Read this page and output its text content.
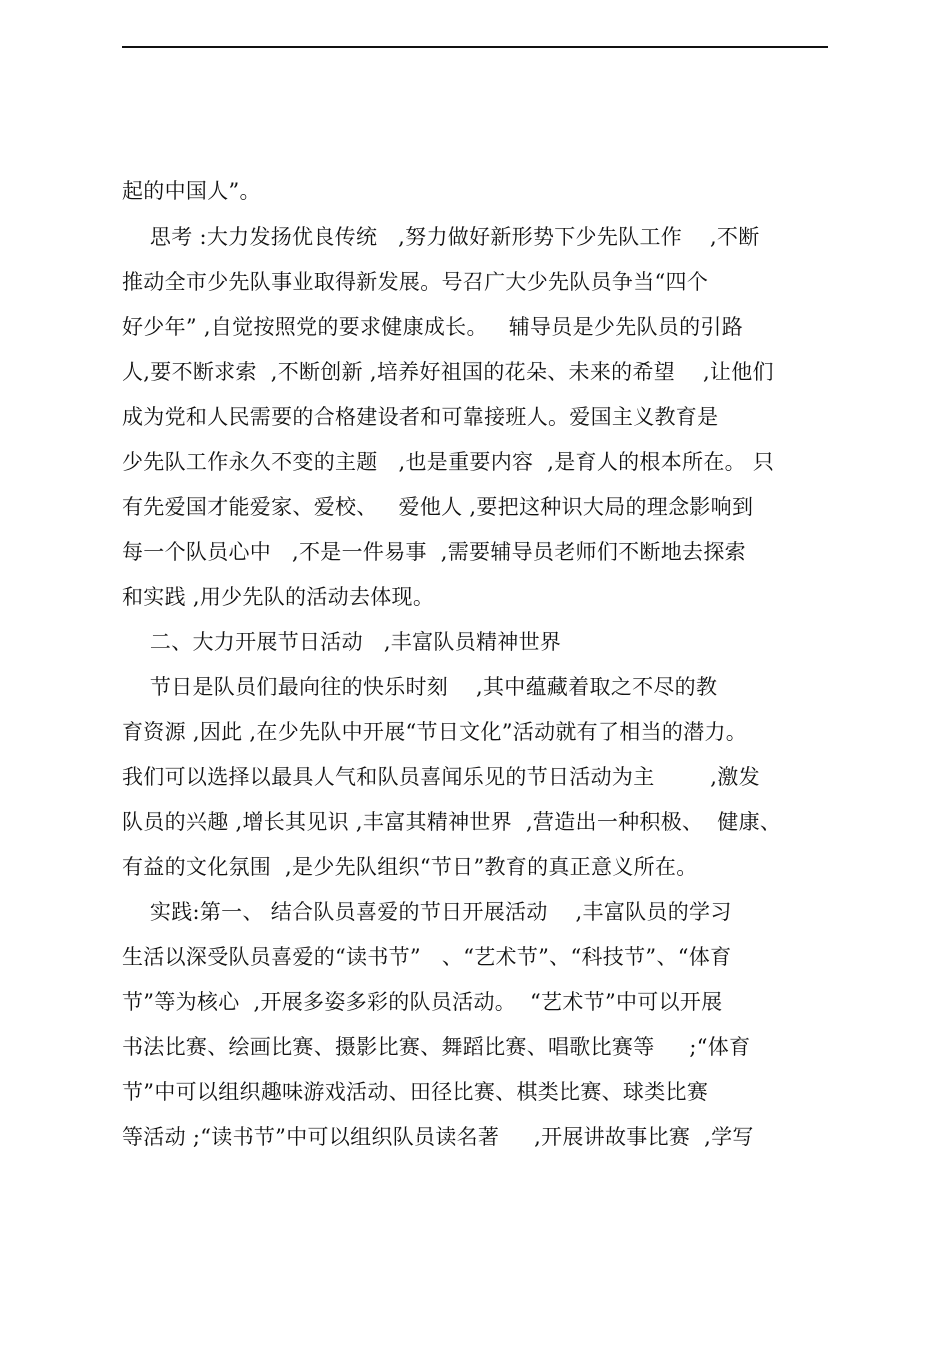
起的中国人”。
思考 :大力发扬优良传统   ,努力做好新形势下少先队工作    ,不断
推动全市少先队事业取得新发展。号召广大少先队员争当“四个
好少年” ,自觉按照党的要求健康成长。   辅导员是少先队员的引路
人,要不断求索  ,不断创新 ,培养好祖国的花朵、未来的希望    ,让他们
成为党和人民需要的合格建设者和可靠接班人。爱国主义教育是
少先队工作永久不变的主题   ,也是重要内容  ,是育人的根本所在。 只
有先爱国才能爱家、爱校、   爱他人 ,要把这种识大局的理念影响到
每一个队员心中   ,不是一件易事  ,需要辅导员老师们不断地去探索
和实践 ,用少先队的活动去体现。
二、大力开展节日活动   ,丰富队员精神世界
节日是队员们最向往的快乐时刻    ,其中蕴藏着取之不尽的教
育资源 ,因此 ,在少先队中开展“节日文化”活动就有了相当的潜力。
我们可以选择以最具人气和队员喜闻乐见的节日活动为主        ,激发
队员的兴趣 ,增长其见识 ,丰富其精神世界  ,营造出一种积极、  健康、
有益的文化氛围  ,是少先队组织“节日”教育的真正意义所在。
实践:第一、 结合队员喜爱的节日开展活动    ,丰富队员的学习
生活以深受队员喜爱的“读书节”   、“艺术节”、“科技节”、“体育
节”等为核心  ,开展多姿多彩的队员活动。  “艺术节”中可以开展
书法比赛、绘画比赛、摄影比赛、舞蹈比赛、唱歌比赛等     ;“体育
节”中可以组织趣味游戏活动、田径比赛、棋类比赛、球类比赛
等活动 ;“读书节”中可以组织队员读名著     ,开展讲故事比赛  ,学写
